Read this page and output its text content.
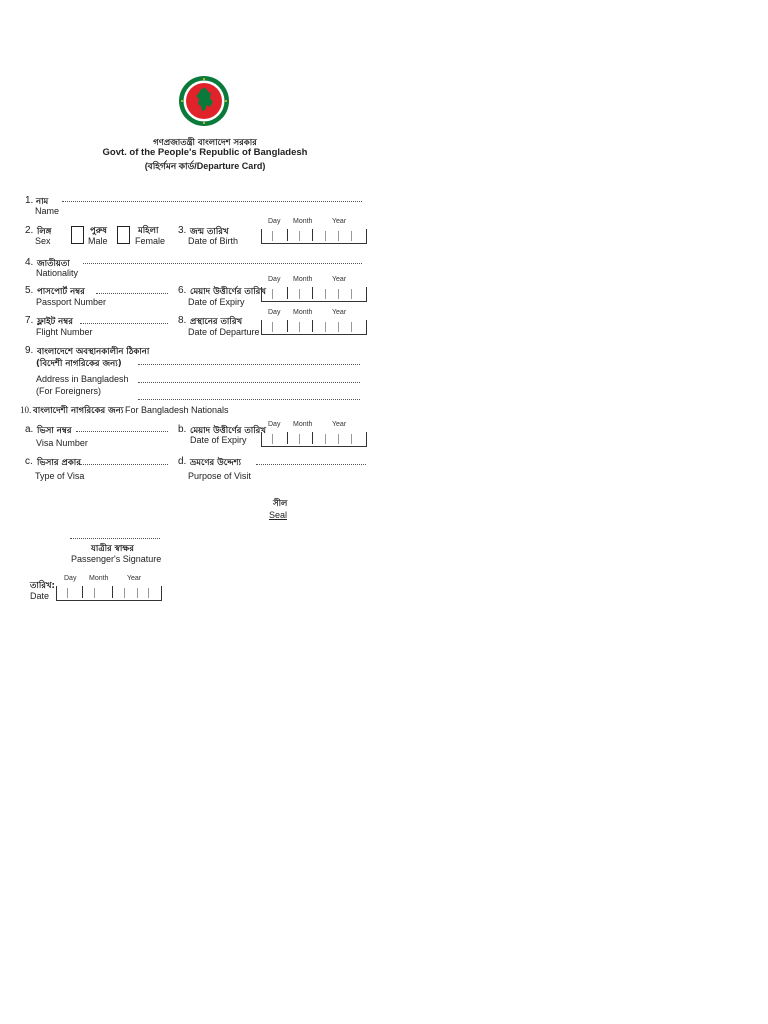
গণপ্রজাতন্ত্রী বাংলাদেশ সরকার
Govt. of the People's Republic of Bangladesh
(বহির্গমন কার্ড/Departure Card)
1. নাম
Name
2. লিঙ্গ
Sex
পুরুষ
Male
মহিলা
Female
3. জন্ম তারিখ
Date of Birth
Day Month	Year
4. জাতীয়তা
Nationality
5. পাসপোর্ট নম্বর
Passport Number
6. মেয়াদ উত্তীর্ণের তারিখ
Date of Expiry
Day Month	Year
7. ফ্লাইট নম্বর
Flight Number
8. প্রস্থানের তারিখ
Date of Departure
Day Month	Year
9. বাংলাদেশে অবস্থানকালীন ঠিকানা
(বিদেশী নাগরিকের জন্য)
Address in Bangladesh
(For Foreigners)
10. বাংলাদেশী নাগরিকের জন্য For Bangladesh Nationals
a. ভিসা নম্বর
Visa Number
b. মেয়াদ উত্তীর্ণের তারিখ
Date of Expiry
Day Month	Year
c. ভিসার প্রকার
Type of Visa
d. ভ্রমণের উদ্দেশ্য
Purpose of Visit
সীল
Seal
যাত্রীর স্বাক্ষর
Passenger's Signature
তারিখ:
Date
Day Month	Year
